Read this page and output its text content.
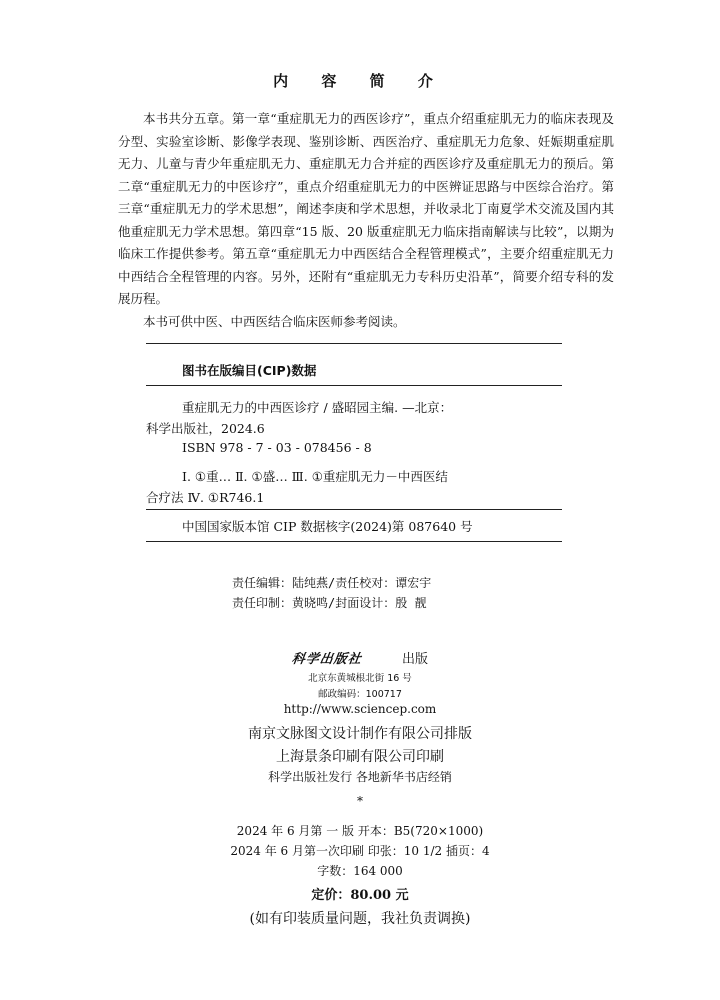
内 容 简 介

本书共分五章。第一章“重症肌无力的西医诊疗”，重点介绍重症肌无力的临床表现及分型、实验室诊断、影像学表现、鉴别诊断、西医治疗、重症肌无力危象、妊娠期重症肌无力、儿童与青少年重症肌无力、重症肌无力合并症的西医诊疗及重症肌无力的预后。第二章“重症肌无力的中医诊疗”，重点介绍重症肌无力的中医辨证思路与中医综合治疗。第三章“重症肌无力的学术思想”，阐述李庚和学术思想，并收录北丁南夏学术交流及国内其他重症肌无力学术思想。第四章“15 版、20 版重症肌无力临床指南解读与比较”，以期为临床工作提供参考。第五章“重症肌无力中西医结合全程管理模式”，主要介绍重症肌无力中西结合全程管理的内容。另外，还附有“重症肌无力专科历史沿革”，简要介绍专科的发展历程。

本书可供中医、中西医结合临床医师参考阅读。

图书在版编目(CIP)数据
重症肌无力的中西医诊疗 / 盛昭园主编. —北京：
科学出版社，2024.6
ISBN 978 - 7 - 03 - 078456 - 8
Ⅰ. ①重… Ⅱ. ①盛… Ⅲ. ①重症肌无力－中西医结
合疗法 Ⅳ. ①R746.1
中国国家版本馆 CIP 数据核字(2024)第 087640 号
责任编辑：陆纯燕/责任校对：谭宏宇
责任印制：黄晓鸣/封面设计：殷 靓
科学出版社	出版
北京东黄城根北街 16 号
邮政编码：100717
http://www.sciencep.com
南京文脉图文设计制作有限公司排版
上海景条印刷有限公司印刷
科学出版社发行 各地新华书店经销
*
2024 年 6 月第 一 版 开本：B5(720×1000)
2024 年 6 月第一次印刷 印张：10 1/2 插页：4
字数：164 000
定价：80.00 元
(如有印装质量问题，我社负责调换)
